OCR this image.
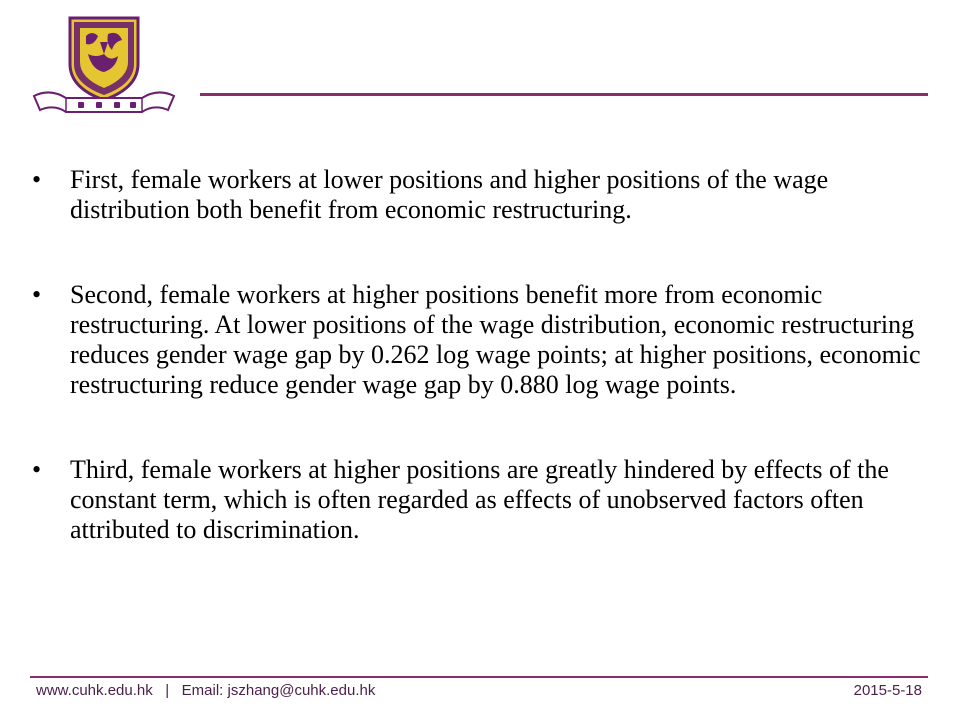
•	First, female workers at lower positions and higher positions of the wage distribution both benefit from economic restructuring.
•	Second, female workers at higher positions benefit more from economic restructuring. At lower positions of the wage distribution, economic restructuring reduces gender wage gap by 0.262 log wage points; at higher positions, economic restructuring reduce gender wage gap by 0.880 log wage points.
•	Third, female workers at higher positions are greatly hindered by effects of the constant term, which is often regarded as effects of unobserved factors often attributed to discrimination.
www.cuhk.edu.hk | Email: jszhang@cuhk.edu.hk	2015-5-18
